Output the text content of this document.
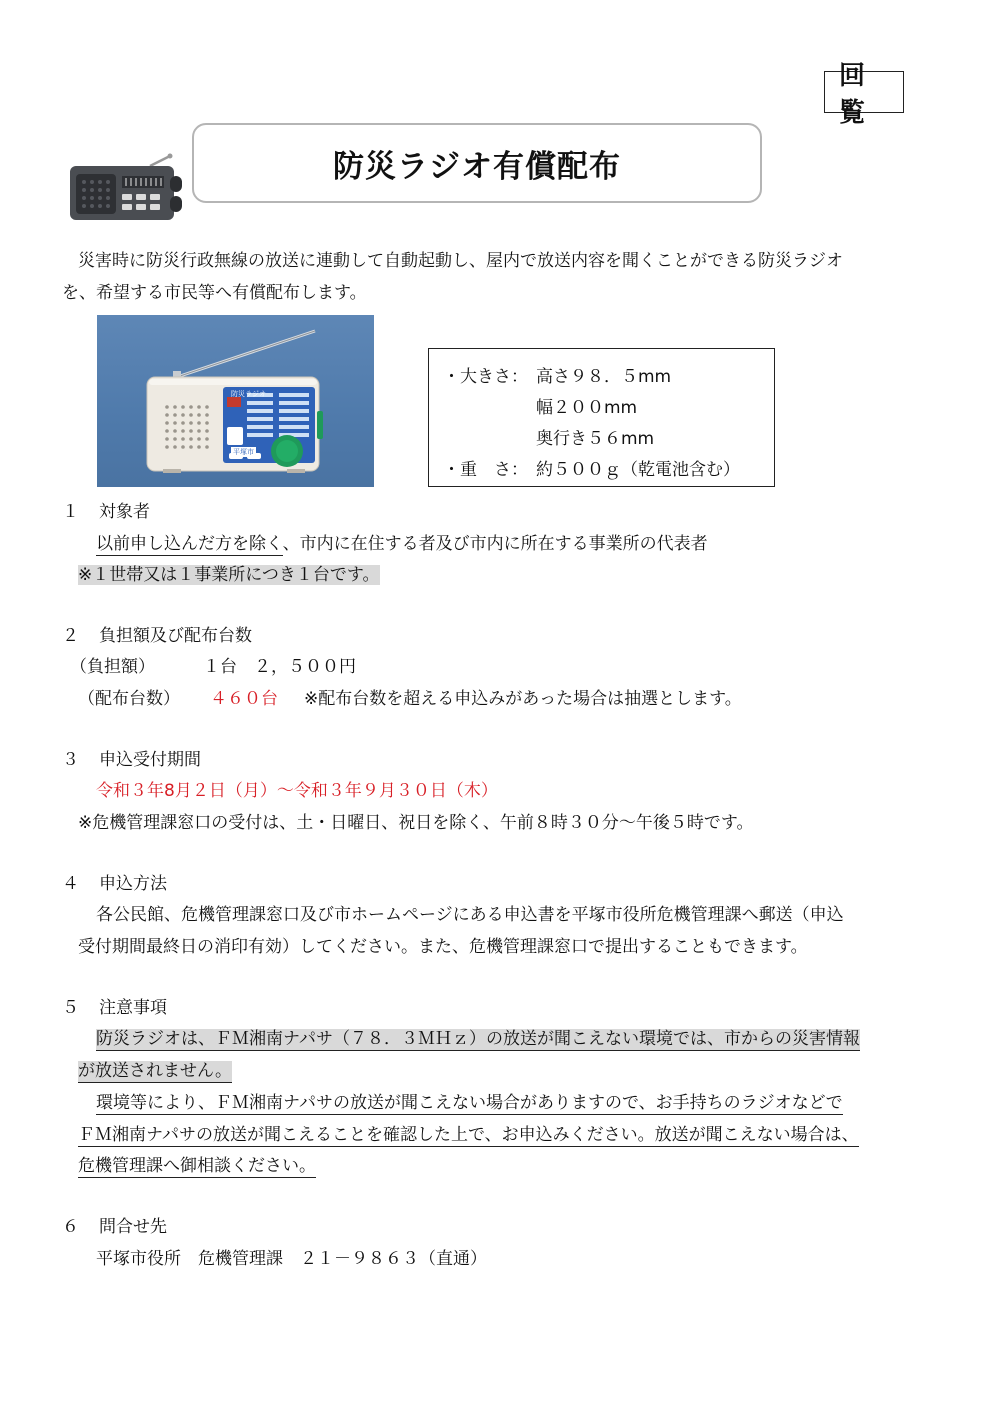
回覧
防災ラジオ有償配布
災害時に防災行政無線の放送に連動して自動起動し、屋内で放送内容を聞くことができる防災ラジオ
を、希望する市民等へ有償配布します。
防災ラジオ
平塚市
・大きさ： 高さ９８．５mm
幅２００mm
奥行き５６mm
・重　さ： 約５００ｇ（乾電池含む）
１ 対象者
以前申し込んだ方を除く、市内に在住する者及び市内に所在する事業所の代表者
※１世帯又は１事業所につき１台です。
２ 負担額及び配布台数
（負担額）	１台　２，５００円
（配布台数） ４６０台 ※配布台数を超える申込みがあった場合は抽選とします。
３ 申込受付期間
令和３年8月２日（月）～令和３年９月３０日（木）
※危機管理課窓口の受付は、土・日曜日、祝日を除く、午前８時３０分～午後５時です。
４ 申込方法
各公民館、危機管理課窓口及び市ホームページにある申込書を平塚市役所危機管理課へ郵送（申込
受付期間最終日の消印有効）してください。また、危機管理課窓口で提出することもできます。
５ 注意事項
防災ラジオは、ＦＭ湘南ナパサ（７８．３ＭＨｚ）の放送が聞こえない環境では、市からの災害情報
が放送されません。
環境等により、ＦＭ湘南ナパサの放送が聞こえない場合がありますので、お手持ちのラジオなどで
ＦＭ湘南ナパサの放送が聞こえることを確認した上で、お申込みください。放送が聞こえない場合は、
危機管理課へ御相談ください。
６ 問合せ先
平塚市役所　危機管理課　２１－９８６３（直通）
